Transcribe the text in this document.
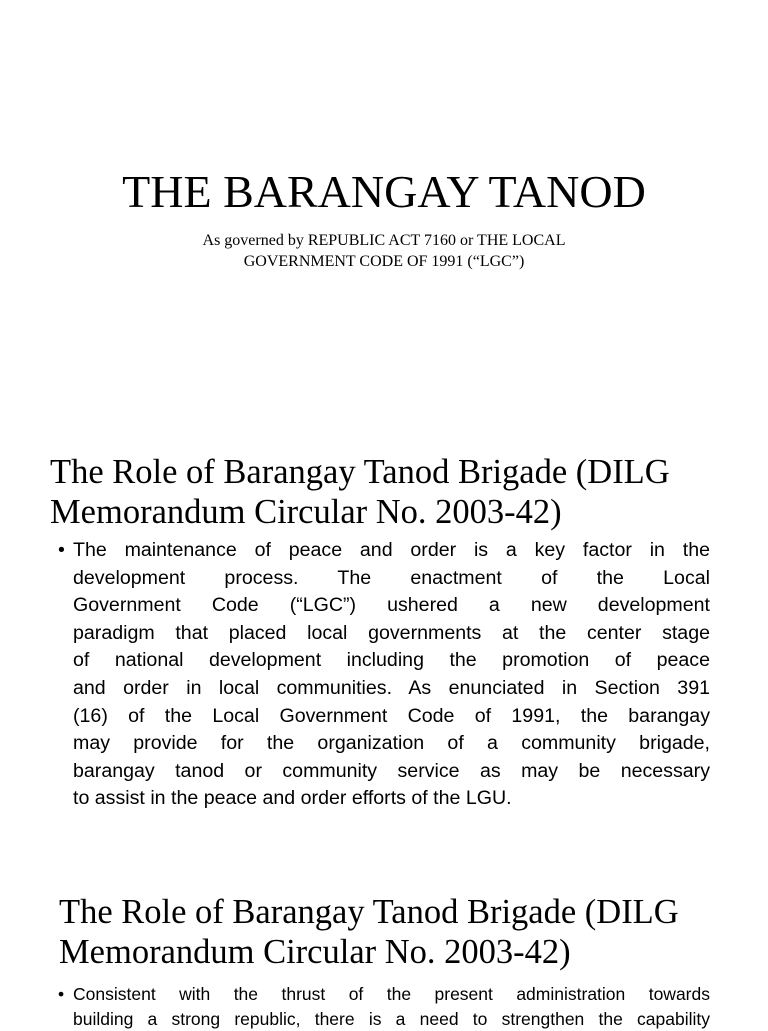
THE BARANGAY TANOD
As governed by REPUBLIC ACT 7160 or THE LOCAL
GOVERNMENT CODE OF 1991 (“LGC”)
The Role of Barangay Tanod Brigade (DILG
Memorandum Circular No. 2003-42)
• The maintenance of peace and order is a key factor in the
development process. The enactment of the Local
Government Code (“LGC”) ushered a new development
paradigm that placed local governments at the center stage
of national development including the promotion of peace
and order in local communities. As enunciated in Section 391
(16) of the Local Government Code of 1991, the barangay
may provide for the organization of a community brigade,
barangay tanod or community service as may be necessary
to assist in the peace and order efforts of the LGU.
The Role of Barangay Tanod Brigade (DILG
Memorandum Circular No. 2003-42)
• Consistent with the thrust of the present administration towards
building a strong republic, there is a need to strengthen the capability
